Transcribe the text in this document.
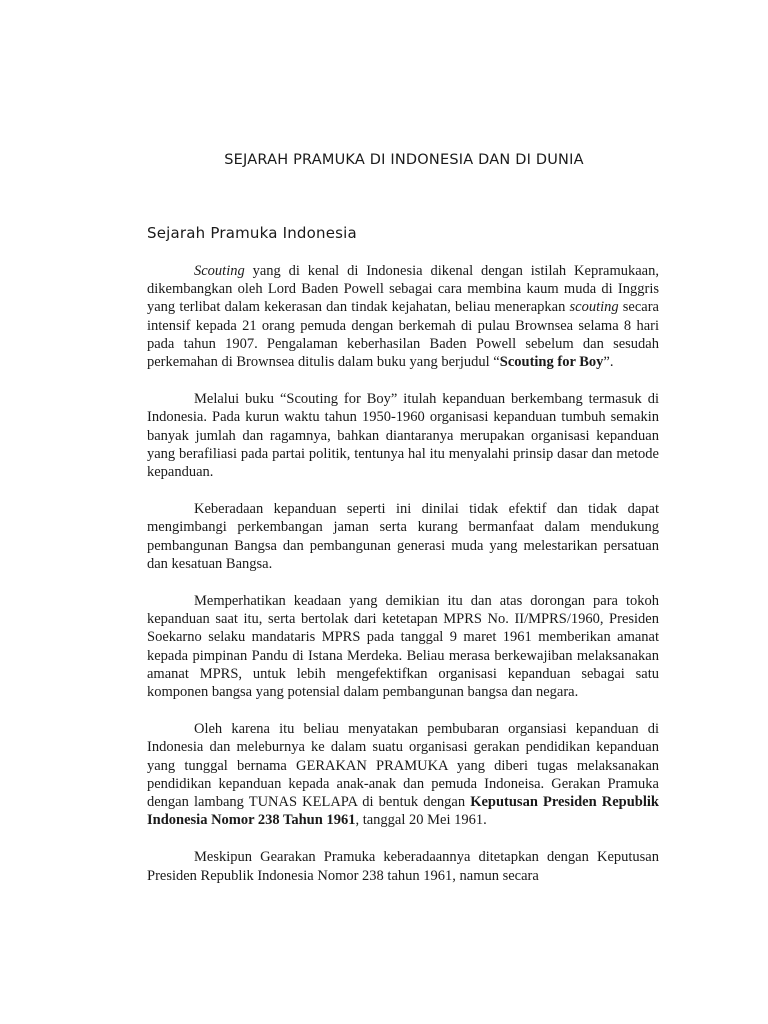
SEJARAH PRAMUKA DI INDONESIA DAN DI DUNIA
Sejarah Pramuka Indonesia

Scouting yang di kenal di Indonesia dikenal dengan istilah Kepramukaan, dikembangkan oleh Lord Baden Powell sebagai cara membina kaum muda di Inggris yang terlibat dalam kekerasan dan tindak kejahatan, beliau menerapkan scouting secara intensif kepada 21 orang pemuda dengan berkemah di pulau Brownsea selama 8 hari pada tahun 1907. Pengalaman keberhasilan Baden Powell sebelum dan sesudah perkemahan di Brownsea ditulis dalam buku yang berjudul “Scouting for Boy”.

Melalui buku “Scouting for Boy” itulah kepanduan berkembang termasuk di Indonesia. Pada kurun waktu tahun 1950-1960 organisasi kepanduan tumbuh semakin banyak jumlah dan ragamnya, bahkan diantaranya merupakan organisasi kepanduan yang berafiliasi pada partai politik, tentunya hal itu menyalahi prinsip dasar dan metode kepanduan.

Keberadaan kepanduan seperti ini dinilai tidak efektif dan tidak dapat mengimbangi perkembangan jaman serta kurang bermanfaat dalam mendukung pembangunan Bangsa dan pembangunan generasi muda yang melestarikan persatuan dan kesatuan Bangsa.

Memperhatikan keadaan yang demikian itu dan atas dorongan para tokoh kepanduan saat itu, serta bertolak dari ketetapan MPRS No. II/MPRS/1960, Presiden Soekarno selaku mandataris MPRS pada tanggal 9 maret 1961 memberikan amanat kepada pimpinan Pandu di Istana Merdeka. Beliau merasa berkewajiban melaksanakan amanat MPRS, untuk lebih mengefektifkan organisasi kepanduan sebagai satu komponen bangsa yang potensial dalam pembangunan bangsa dan negara.

Oleh karena itu beliau menyatakan pembubaran organsiasi kepanduan di Indonesia dan meleburnya ke dalam suatu organisasi gerakan pendidikan kepanduan yang tunggal bernama GERAKAN PRAMUKA yang diberi tugas melaksanakan pendidikan kepanduan kepada anak-anak dan pemuda Indoneisa. Gerakan Pramuka dengan lambang TUNAS KELAPA di bentuk dengan Keputusan Presiden Republik Indonesia Nomor 238 Tahun 1961, tanggal 20 Mei 1961.

Meskipun Gearakan Pramuka keberadaannya ditetapkan dengan Keputusan Presiden Republik Indonesia Nomor 238 tahun 1961, namun secara
